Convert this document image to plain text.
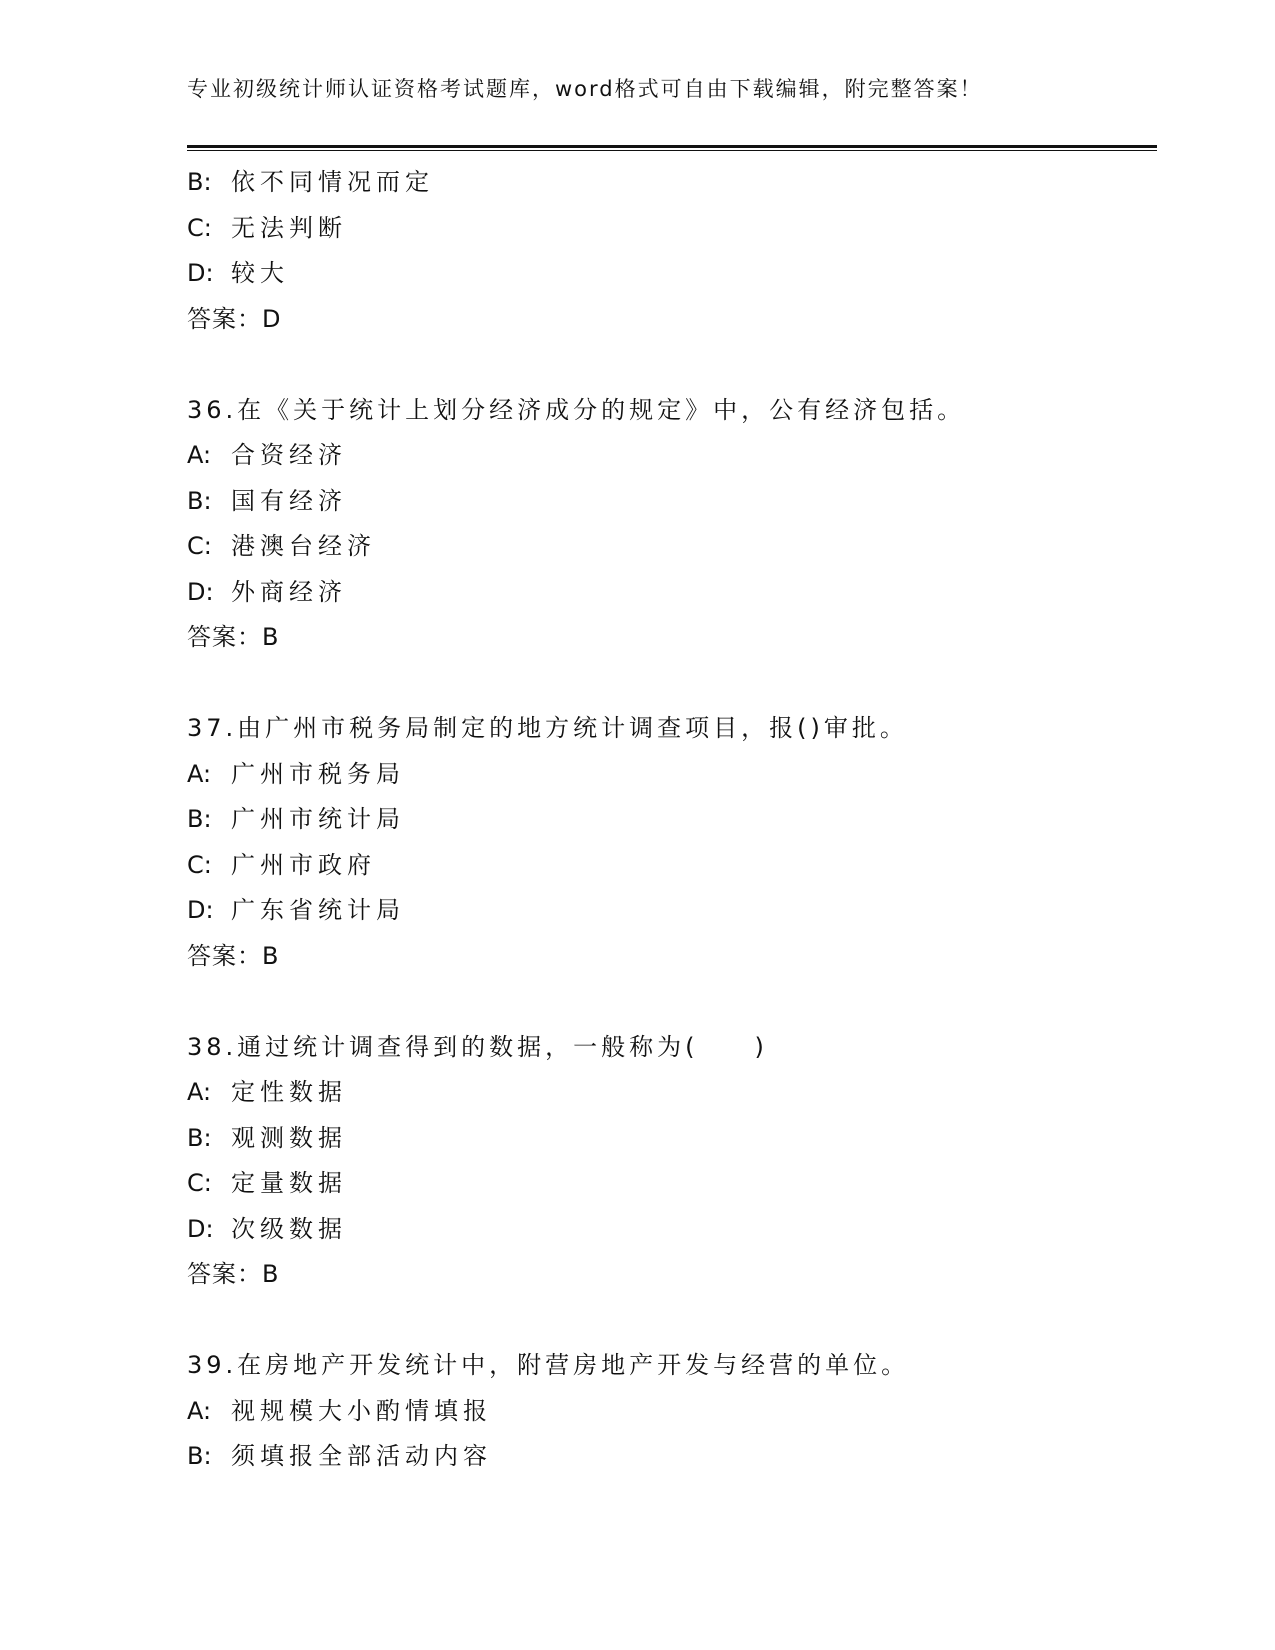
专业初级统计师认证资格考试题库，word格式可自由下载编辑，附完整答案！
B: 依不同情况而定
C: 无法判断
D: 较大
答案：D
36.在《关于统计上划分经济成分的规定》中，公有经济包括。
A: 合资经济
B: 国有经济
C: 港澳台经济
D: 外商经济
答案：B
37.由广州市税务局制定的地方统计调查项目，报()审批。
A: 广州市税务局
B: 广州市统计局
C: 广州市政府
D: 广东省统计局
答案：B
38.通过统计调查得到的数据，一般称为(　　)
A: 定性数据
B: 观测数据
C: 定量数据
D: 次级数据
答案：B
39.在房地产开发统计中，附营房地产开发与经营的单位。
A: 视规模大小酌情填报
B: 须填报全部活动内容
